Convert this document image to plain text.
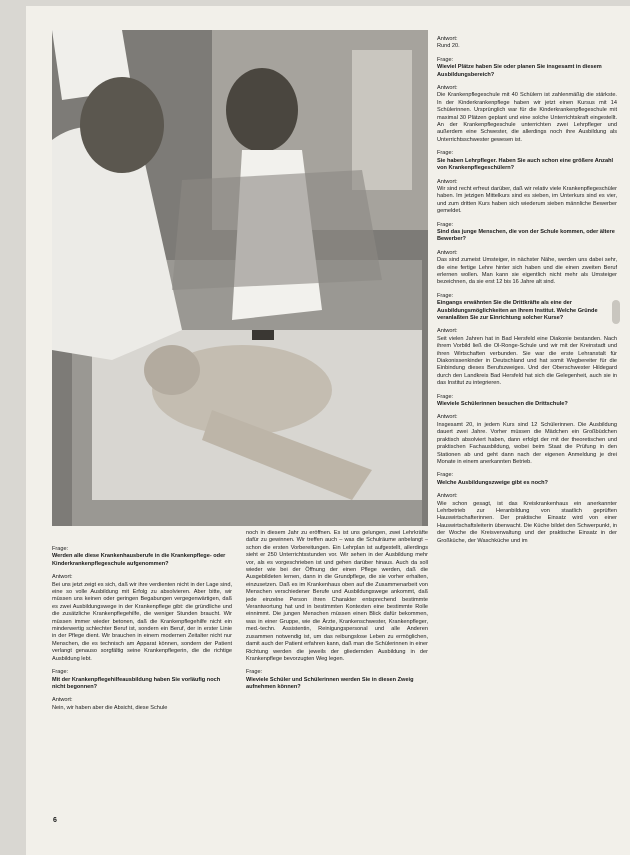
Antwort:
Rund 20.
Frage:
Wieviel Plätze haben Sie oder planen Sie insgesamt in diesem Ausbildungsbereich?
Antwort:
Die Krankenpflegeschule mit 40 Schülern ist zahlenmäßig die stärkste. In der Kinderkrankenpflege haben wir jetzt einen Kursus mit 14 Schülerinnen. Ursprünglich war für die Kinderkrankenpflegeschule mit maximal 30 Plätzen geplant und eine solche Unterrichtskraft eingestellt. An der Krankenpflegeschule unterrichten zwei Lehrpfleger und außerdem eine Schwester, die allerdings noch ihre Ausbildung als Unterrichtsschwester gewesen ist.
Frage:
Sie haben Lehrpfleger. Haben Sie auch schon eine größere Anzahl von Krankenpflegeschülern?
Antwort:
Wir sind recht erfreut darüber, daß wir relativ viele Krankenpflegeschüler haben. Im jetzigen Mittelkurs sind es sieben, im Unterkurs sind es vier, und zum dritten Kurs haben sich wiederum sieben männliche Bewerber gemeldet.
Frage:
Sind das junge Menschen, die von der Schule kommen, oder ältere Bewerber?
Antwort:
Das sind zumeist Umsteiger, in nächster Nähe, werden uns dabei sehr, die eine fertige Lehre hinter sich haben und die einen zweiten Beruf erlernen wollen. Man kann sie eigentlich nicht mehr als Umsteiger bezeichnen, da sie erst 12 bis 16 Jahre alt sind.
Frage:
Eingangs erwähnten Sie die Drittkräfte als eine der Ausbildungsmöglichkeiten an Ihrem Institut. Welche Gründe veranlaßten Sie zur Einrichtung solcher Kurse?
Antwort:
Seit vielen Jahren hat in Bad Hersfeld eine Diakonie bestanden. Nach ihrem Vorbild ließ die Ol-Ronge-Schule und wir mit der Kreinstadt und ihren Wirtschaften verbunden. Sie war die erste Lehranstalt für Diakonissenkinder in Deutschland und hat somit Wegbereiter für die Einbindung dieses Berufszweiges. Und der Oberschwester Hildegard durch den Landkreis Bad Hersfeld hat sich die Gelegenheit, auch sie in das Institut zu integrieren.
Frage:
Wieviele Schülerinnen besuchen die Drittschule?
Antwort:
Insgesamt 20, in jedem Kurs sind 12 Schülerinnen. Die Ausbildung dauert zwei Jahre. Vorher müssen die Mädchen ein Großbüdchen praktisch absolviert haben, dann erfolgt der mit der theoretischen und praktischen Fachausbildung, wobei beim Staat die Prüfung in den Stationen ab und geht dann nach der eigenen Anmeldung je drei Monate in einem anerkannten Betrieb.
Frage:
Welche Ausbildungszweige gibt es noch?
Antwort:
Wie schon gesagt, ist das Kreiskrankenhaus ein anerkannter Lehrbetrieb zur Heranbildung von staatlich geprüften Hauswirtschafterinnen. Der praktische Einsatz wird von einer Hauswirtschaftsleiterin überwacht. Die Küche bildet den Schwerpunkt, in der Woche die Kreisverwaltung und der praktische Einsatz in der Großküche, der Waschküche und im
Frage:
Werden alle diese Krankenhausberufe in die Krankenpflege- oder Kinderkrankenpflegeschule aufgenommen?
Antwort:
Bei uns jetzt zeigt es sich, daß wir ihre verdienten nicht in der Lage sind, eine so volle Ausbildung mit Erfolg zu absolvieren. Aber bitte, wir müssen uns keinen oder geringen Begabungen vergegenwärtigen, daß es zwei Ausbildungswege in der Krankenpflege gibt: die gründliche und die zusätzliche Krankenpflegehilfe, die weniger Stunden braucht. Wir müssen immer wieder betonen, daß die Krankenpflegehilfe nicht ein minderwertig schlechter Beruf ist, sondern ein Beruf, der in erster Linie in der Pflege dient. Wir brauchen in einem modernen Zeitalter nicht nur Menschen, die es technisch am Apparat können, sondern der Patient verlangt genauso sorgfältig seine Krankenpflegerin, die die richtige Ausbildung lebt.
Frage:
Mit der Krankenpflegehilfeausbildung haben Sie vorläufig noch nicht begonnen?
Antwort:
Nein, wir haben aber die Absicht, diese Schule
noch in diesem Jahr zu eröffnen. Es ist uns gelungen, zwei Lehrkräfte dafür zu gewinnen. Wir treffen auch – was die Schulräume anbelangt – schon die ersten Vorbereitungen. Ein Lehrplan ist aufgestellt, allerdings sieht er 250 Unterrichtsstunden vor. Wir sehen in der Ausbildung mehr vor, als es vorgeschrieben ist und gehen darüber hinaus. Auch da soll wieder wie bei der Öffnung der einen Pflege werden, daß die Ausgebildeten lernen, dann in die Grundpflege, die sie vorher erhalten, einzusetzen. Daß es im Krankenhaus oben auf die Zusammenarbeit von Menschen verschiedener Berufe und Ausbildungswege ankommt, daß jede einzelne Person ihren Charakter entsprechend bestimmte Verantwortung hat und in bestimmten Kontexten eine bestimmte Rolle einnimmt. Die jungen Menschen müssen einen Blick dafür bekommen, was in einer Gruppe, wie die Ärzte, Krankenschwester, Krankenpfleger, med.-techn. Assistentin, Reinigungspersonal und alle Anderen zusammen notwendig ist, um das reibungslose Leben zu ermöglichen, damit auch der Patient erfahren kann, daß man die Schülerinnen in einer Richtung werden die jeweils der gliedernden Ausbildung in der Krankenpflege bevorzugten Weg legen.
Frage:
Wieviele Schüler und Schülerinnen werden Sie in diesen Zweig aufnehmen können?
6
